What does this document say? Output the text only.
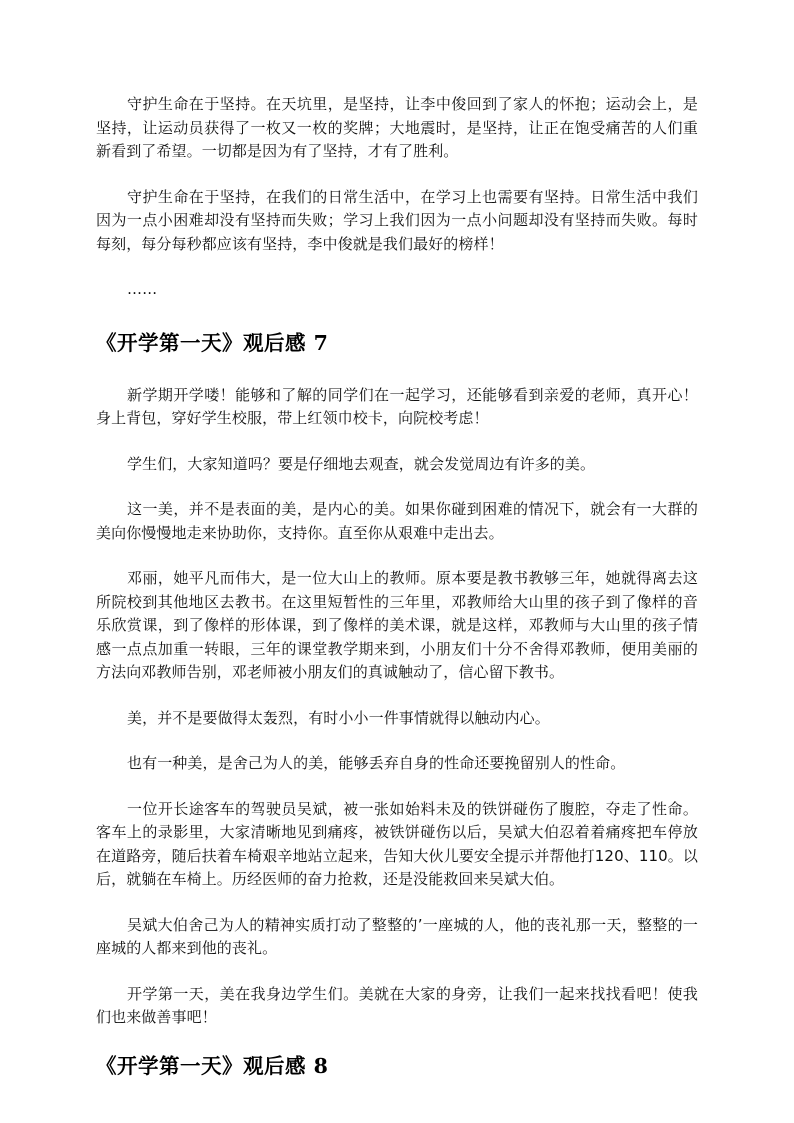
守护生命在于坚持。在天坑里，是坚持，让李中俊回到了家人的怀抱；运动会上，是坚持，让运动员获得了一枚又一枚的奖牌；大地震时，是坚持，让正在饱受痛苦的人们重新看到了希望。一切都是因为有了坚持，才有了胜利。

守护生命在于坚持，在我们的日常生活中，在学习上也需要有坚持。日常生活中我们因为一点小困难却没有坚持而失败；学习上我们因为一点小问题却没有坚持而失败。每时每刻，每分每秒都应该有坚持，李中俊就是我们最好的榜样！

……

《开学第一天》观后感 7

新学期开学喽！能够和了解的同学们在一起学习，还能够看到亲爱的老师，真开心！身上背包，穿好学生校服，带上红领巾校卡，向院校考虑！

学生们，大家知道吗？要是仔细地去观查，就会发觉周边有许多的美。

这一美，并不是表面的美，是内心的美。如果你碰到困难的情况下，就会有一大群的美向你慢慢地走来协助你，支持你。直至你从艰难中走出去。

邓丽，她平凡而伟大，是一位大山上的教师。原本要是教书教够三年，她就得离去这所院校到其他地区去教书。在这里短暂性的三年里，邓教师给大山里的孩子到了像样的音乐欣赏课，到了像样的形体课，到了像样的美术课，就是这样，邓教师与大山里的孩子情感一点点加重一转眼，三年的课堂教学期来到，小朋友们十分不舍得邓教师，便用美丽的方法向邓教师告别，邓老师被小朋友们的真诚触动了，信心留下教书。

美，并不是要做得太轰烈，有时小小一件事情就得以触动内心。

也有一种美，是舍己为人的美，能够丢弃自身的性命还要挽留别人的性命。

一位开长途客车的驾驶员吴斌，被一张如始料未及的铁饼碰伤了腹腔，夺走了性命。客车上的录影里，大家清晰地见到痛疼，被铁饼碰伤以后，吴斌大伯忍着着痛疼把车停放在道路旁，随后扶着车椅艰辛地站立起来，告知大伙儿要安全提示并帮他打120、110。以后，就躺在车椅上。历经医师的奋力抢救，还是没能救回来吴斌大伯。

吴斌大伯舍己为人的精神实质打动了整整的’一座城的人，他的丧礼那一天，整整的一座城的人都来到他的丧礼。

开学第一天，美在我身边学生们。美就在大家的身旁，让我们一起来找找看吧！使我们也来做善事吧！

《开学第一天》观后感 8
